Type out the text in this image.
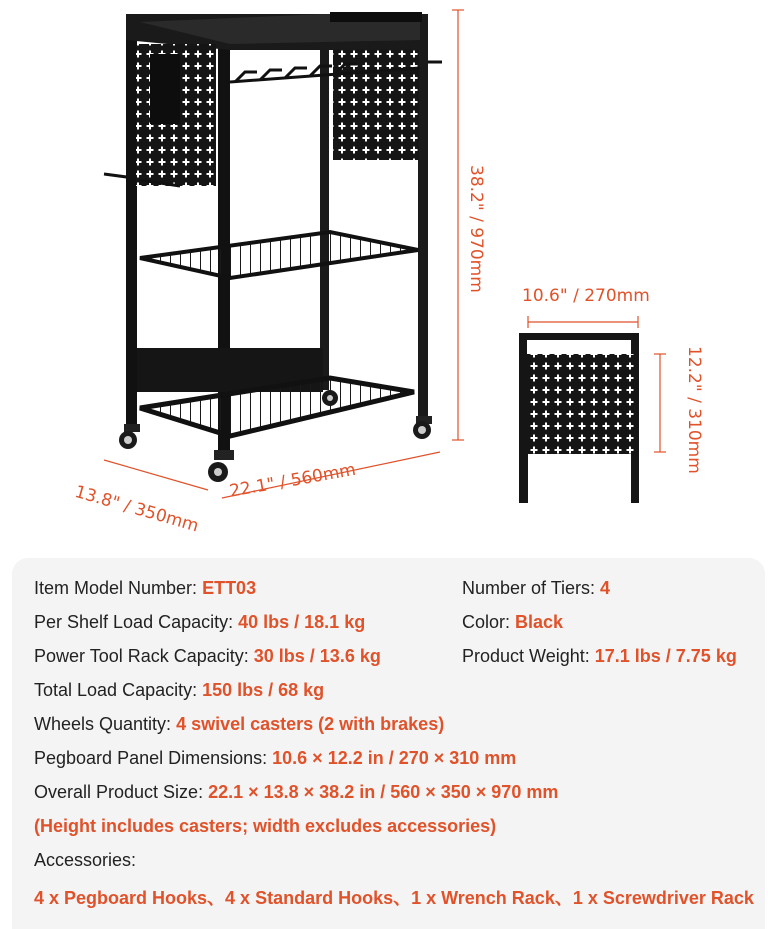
22.1" / 560mm
13.8" / 350mm
38.2" / 970mm
10.6" / 270mm
12.2" / 310mm
Item Model Number: ETT03
Per Shelf Load Capacity: 40 lbs / 18.1 kg
Power Tool Rack Capacity: 30 lbs / 13.6 kg
Total Load Capacity: 150 lbs / 68 kg
Wheels Quantity: 4 swivel casters (2 with brakes)
Pegboard Panel Dimensions: 10.6 × 12.2 in / 270 × 310 mm
Overall Product Size: 22.1 × 13.8 × 38.2 in / 560 × 350 × 970 mm
(Height includes casters; width excludes accessories)
Accessories:
4 x Pegboard Hooks、4 x Standard Hooks、1 x Wrench Rack、1 x Screwdriver Rack
Number of Tiers: 4
Color: Black
Product Weight: 17.1 lbs / 7.75 kg
